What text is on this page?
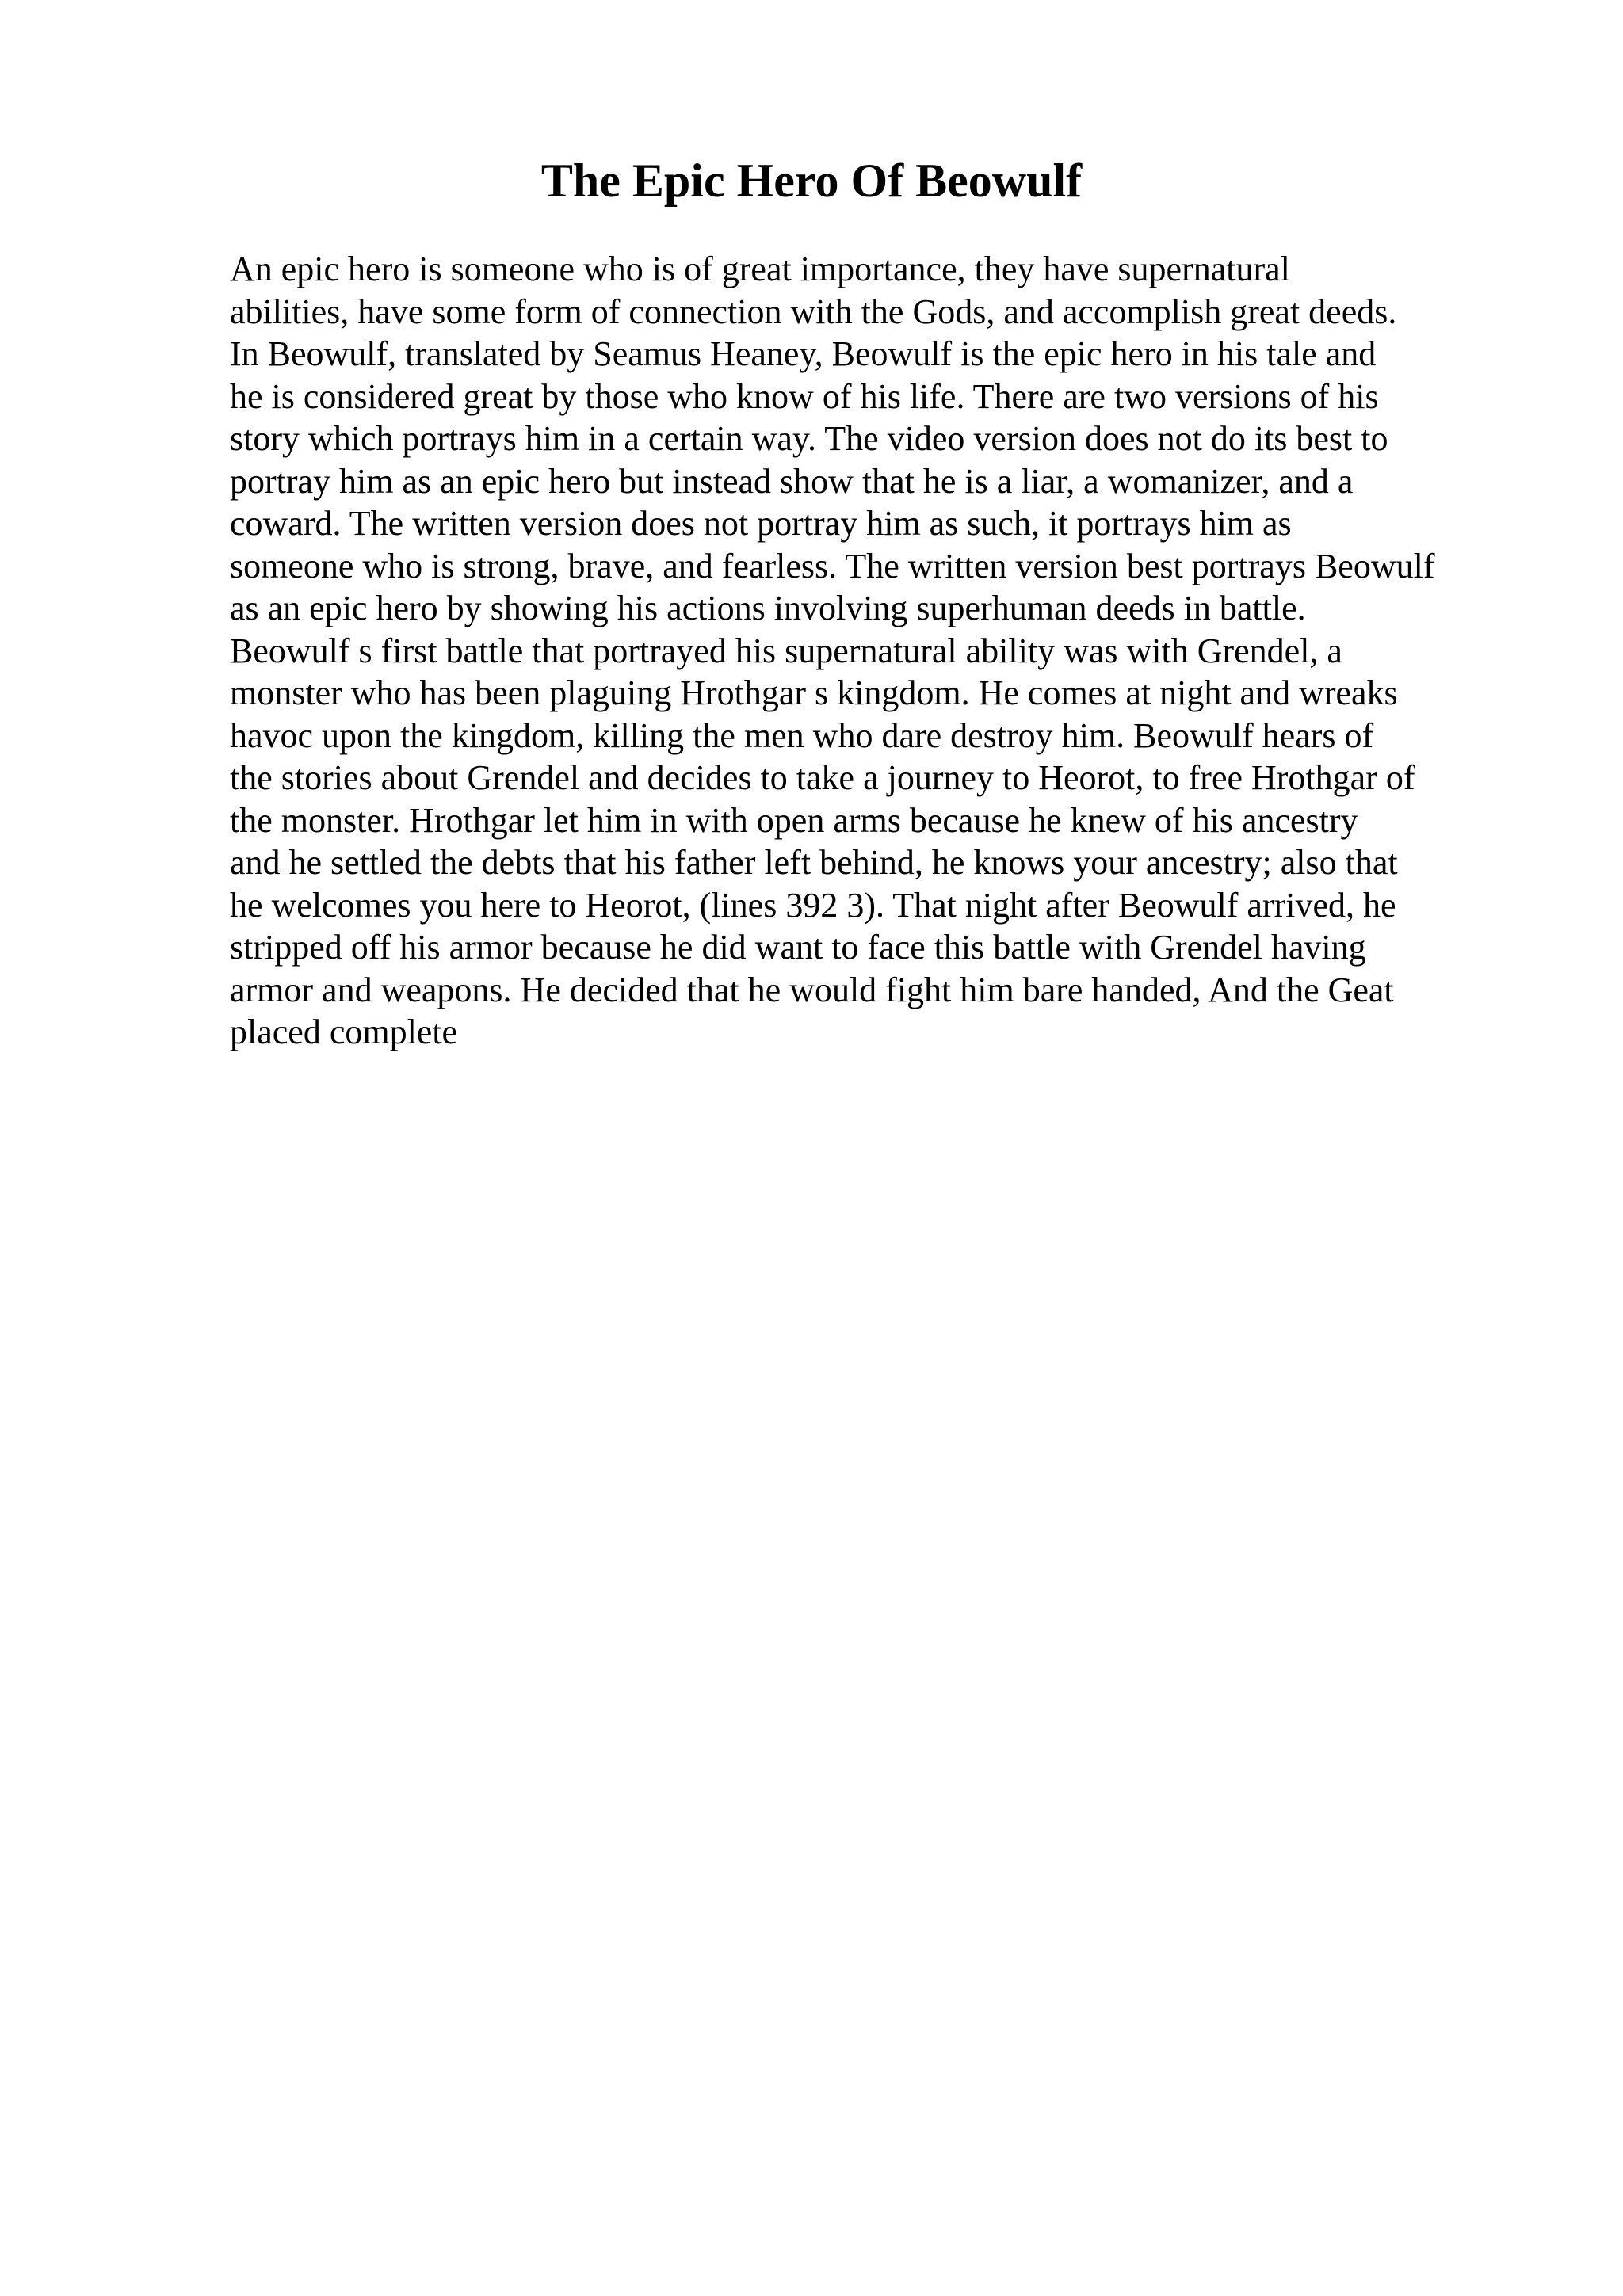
The Epic Hero Of Beowulf
An epic hero is someone who is of great importance, they have supernatural
abilities, have some form of connection with the Gods, and accomplish great deeds.
In Beowulf, translated by Seamus Heaney, Beowulf is the epic hero in his tale and
he is considered great by those who know of his life. There are two versions of his
story which portrays him in a certain way. The video version does not do its best to
portray him as an epic hero but instead show that he is a liar, a womanizer, and a
coward. The written version does not portray him as such, it portrays him as
someone who is strong, brave, and fearless. The written version best portrays Beowulf
as an epic hero by showing his actions involving superhuman deeds in battle.
Beowulf s first battle that portrayed his supernatural ability was with Grendel, a
monster who has been plaguing Hrothgar s kingdom. He comes at night and wreaks
havoc upon the kingdom, killing the men who dare destroy him. Beowulf hears of
the stories about Grendel and decides to take a journey to Heorot, to free Hrothgar of
the monster. Hrothgar let him in with open arms because he knew of his ancestry
and he settled the debts that his father left behind, he knows your ancestry; also that
he welcomes you here to Heorot, (lines 392 3). That night after Beowulf arrived, he
stripped off his armor because he did want to face this battle with Grendel having
armor and weapons. He decided that he would fight him bare handed, And the Geat
placed complete
